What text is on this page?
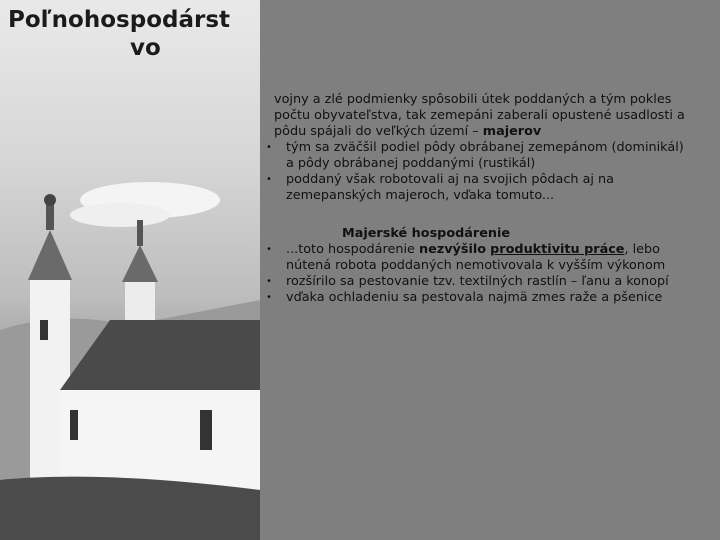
Poľnohospodárst
vo
vojny a zlé podmienky spôsobili útek poddaných a tým pokles počtu obyvateľstva, tak zemepáni zaberali opustené usadlosti a pôdu spájali do veľkých území – majerov
•	tým sa zväčšil podiel pôdy obrábanej zemepánom (dominikál) a pôdy obrábanej poddanými (rustikál)
•	poddaný však robotovali aj na svojich pôdach aj na zemepanských majeroch, vďaka tomuto...
Majerské hospodárenie
•	...toto hospodárenie nezvýšilo produktivitu práce, lebo nútená robota poddaných nemotivovala k vyšším výkonom
•	rozšírilo sa pestovanie tzv. textilných rastlín – ľanu a konopí
•	vďaka ochladeniu sa pestovala najmä zmes raže a pšenice
